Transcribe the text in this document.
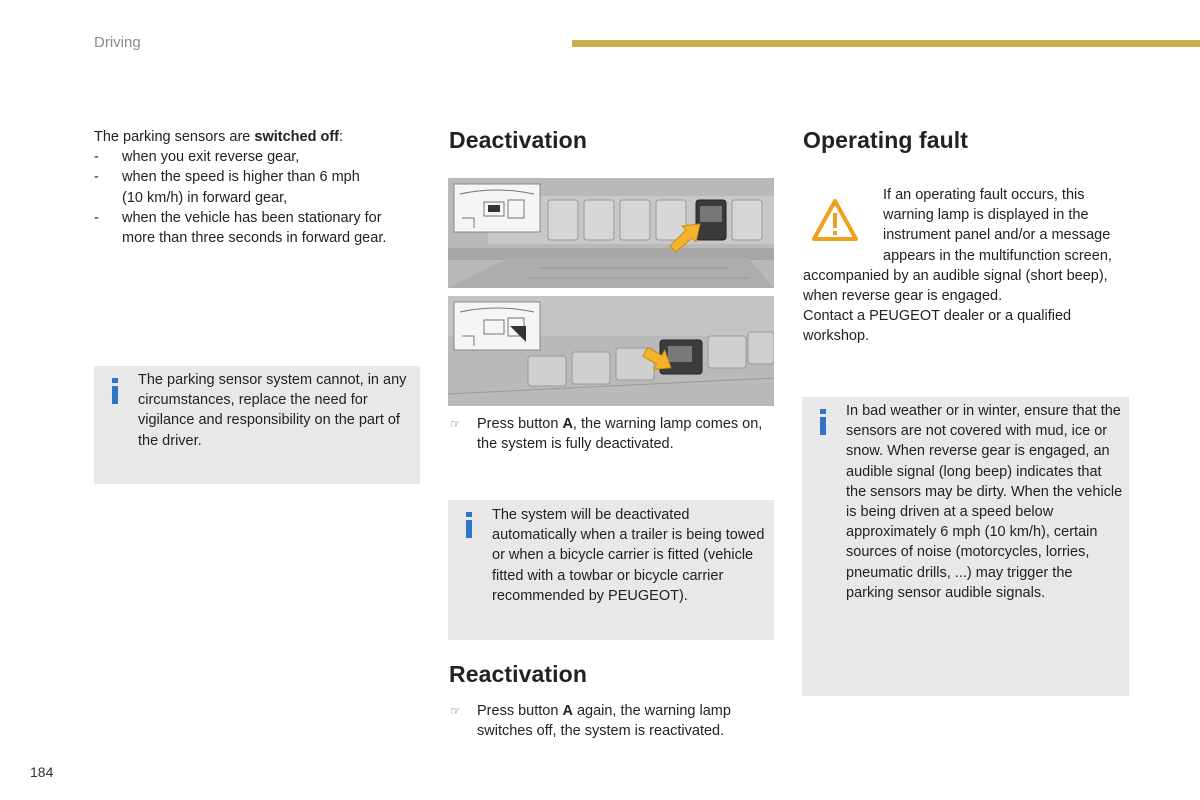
Driving

The parking sensors are switched off:

- when you exit reverse gear,
- when the speed is higher than 6 mph (10 km/h) in forward gear,
- when the vehicle has been stationary for more than three seconds in forward gear.
The parking sensor system cannot, in any circumstances, replace the need for vigilance and responsibility on the part of the driver.
Deactivation
☞	Press button A, the warning lamp comes on, the system is fully deactivated.
The system will be deactivated automatically when a trailer is being towed or when a bicycle carrier is fitted (vehicle fitted with a towbar or bicycle carrier recommended by PEUGEOT).
Reactivation
☞	Press button A again, the warning lamp switches off, the system is reactivated.
Operating fault

If an operating fault occurs, this warning lamp is displayed in the instrument panel and/or a message appears in the multifunction screen, accompanied by an audible signal (short beep), when reverse gear is engaged.

Contact a PEUGEOT dealer or a qualified workshop.

In bad weather or in winter, ensure that the sensors are not covered with mud, ice or snow. When reverse gear is engaged, an audible signal (long beep) indicates that the sensors may be dirty. When the vehicle is being driven at a speed below approximately 6 mph (10 km/h), certain sources of noise (motorcycles, lorries, pneumatic drills, ...) may trigger the parking sensor audible signals.
184
